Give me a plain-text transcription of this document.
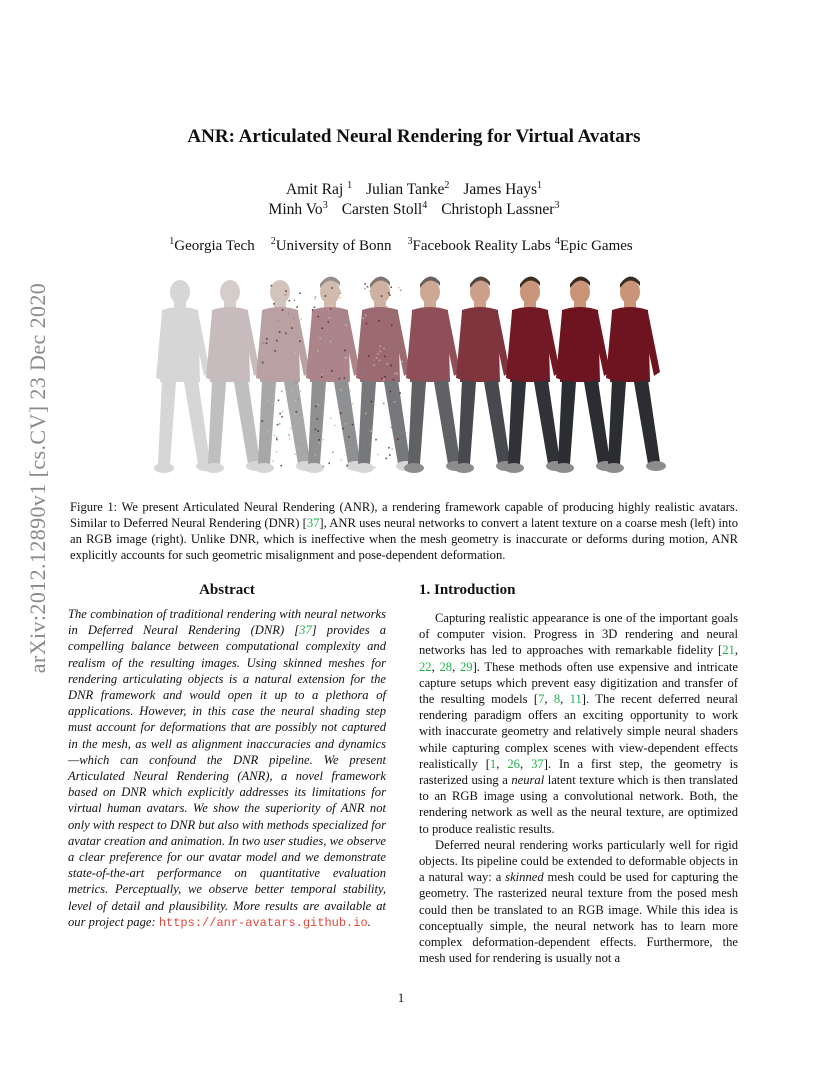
ANR: Articulated Neural Rendering for Virtual Avatars
Amit Raj $^1$ Julian Tanke$^2$ James Hays$^1$
Minh Vo$^3$ Carsten Stoll$^4$ Christoph Lassner$^3$
$^1$Georgia Tech $^2$University of Bonn $^3$Facebook Reality Labs $^4$Epic Games
arXiv:2012.12890v1 [cs.CV] 23 Dec 2020 Figure 1: We present Articulated Neural Rendering (ANR), a rendering framework capable of producing highly realistic avatars. Similar to Deferred Neural Rendering (DNR) [37], ANR uses neural networks to convert a latent texture on a coarse mesh (left) into an RGB image (right). Unlike DNR, which is ineffective when the mesh geometry is inaccurate or deforms during motion, ANR explicitly accounts for such geometric misalignment and pose-dependent deformation.
Abstract
The combination of traditional rendering with neural networks in Deferred Neural Rendering (DNR) [37] provides a compelling balance between computational complexity and realism of the resulting images. Using skinned meshes for rendering articulating objects is a natural extension for the DNR framework and would open it up to a plethora of applications. However, in this case the neural shading step must account for deformations that are possibly not captured in the mesh, as well as alignment inaccuracies and dynamics—which can confound the DNR pipeline. We present Articulated Neural Rendering (ANR), a novel framework based on DNR which explicitly addresses its limitations for virtual human avatars. We show the superiority of ANR not only with respect to DNR but also with methods specialized for avatar creation and animation. In two user studies, we observe a clear preference for our avatar model and we demonstrate state-of-the-art performance on quantitative evaluation metrics. Perceptually, we observe better temporal stability, level of detail and plausibility. More results are available at our project page: https://anr-avatars.github.io.
1. Introduction

Capturing realistic appearance is one of the important goals of computer vision. Progress in 3D rendering and neural networks has led to approaches with remarkable fidelity [21, 22, 28, 29]. These methods often use expensive and intricate capture setups which prevent easy digitization and transfer of the resulting models [7, 8, 11]. The recent deferred neural rendering paradigm offers an exciting opportunity to work with inaccurate geometry and relatively simple neural shaders while capturing complex scenes with view-dependent effects realistically [1, 26, 37]. In a first step, the geometry is rasterized using a neural latent texture which is then translated to an RGB image using a convolutional network. Both, the rendering network as well as the neural texture, are optimized to produce realistic results.

Deferred neural rendering works particularly well for rigid objects. Its pipeline could be extended to deformable objects in a natural way: a skinned mesh could be used for capturing the geometry. The rasterized neural texture from the posed mesh could then be translated to an RGB image. While this idea is conceptually simple, the neural network has to learn more complex deformation-dependent effects. Furthermore, the mesh used for rendering is usually not a

1
